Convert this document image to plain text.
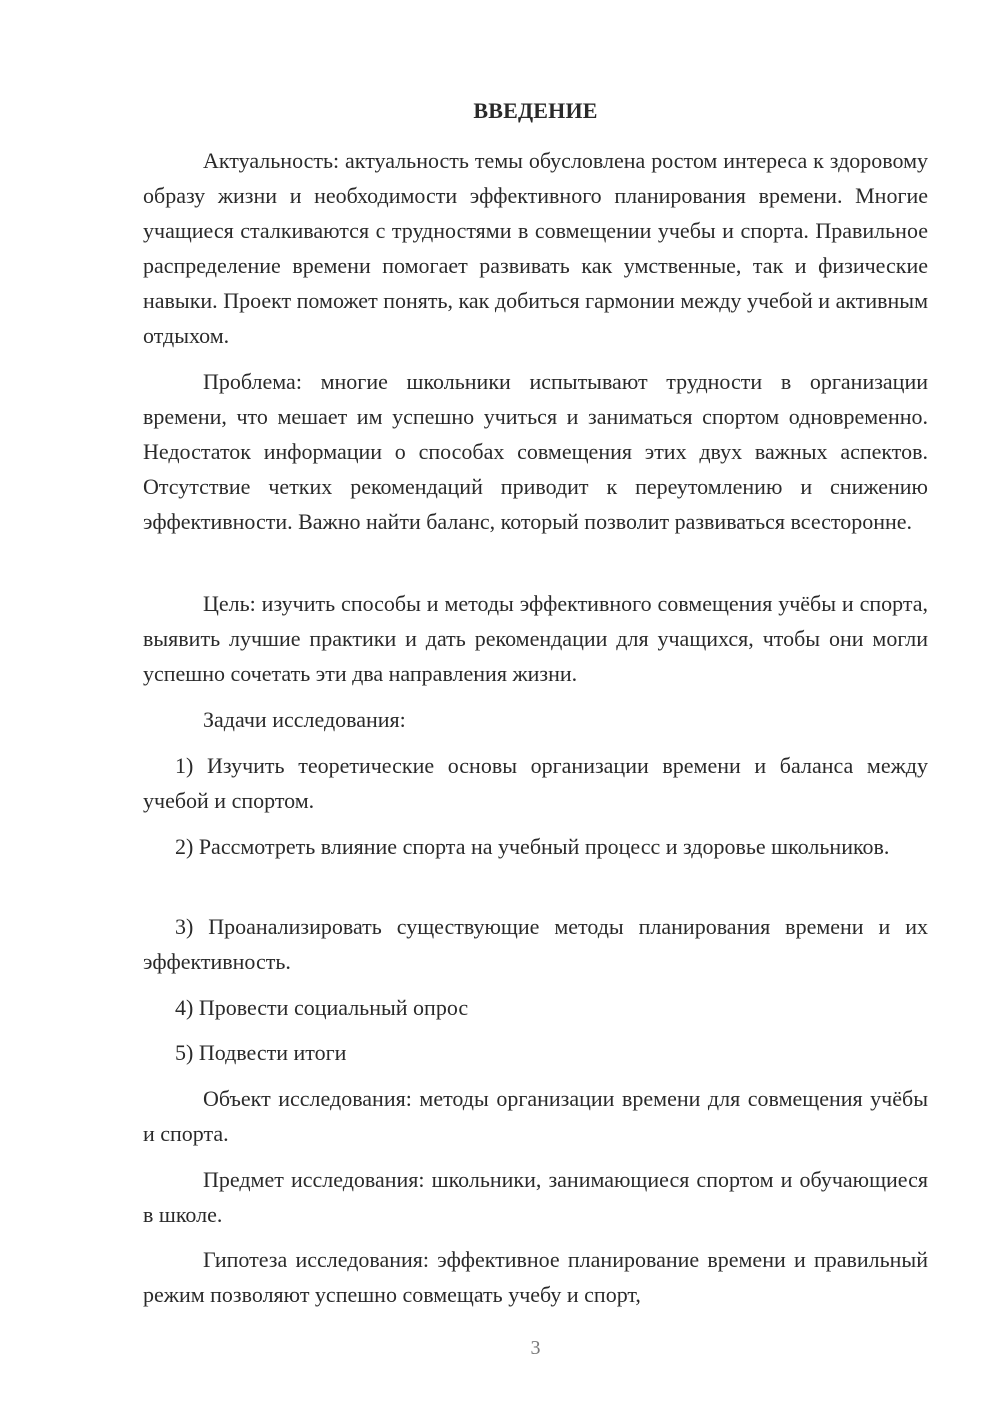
ВВЕДЕНИЕ

Актуальность: актуальность темы обусловлена ростом интереса к здоровому образу жизни и необходимости эффективного планирования времени. Многие учащиеся сталкиваются с трудностями в совмещении учебы и спорта. Правильное распределение времени помогает развивать как умственные, так и физические навыки. Проект поможет понять, как добиться гармонии между учебой и активным отдыхом.

Проблема: многие школьники испытывают трудности в организации времени, что мешает им успешно учиться и заниматься спортом одновременно. Недостаток информации о способах совмещения этих двух важных аспектов. Отсутствие четких рекомендаций приводит к переутомлению и снижению эффективности. Важно найти баланс, который позволит развиваться всесторонне.

Цель: изучить способы и методы эффективного совмещения учёбы и спорта, выявить лучшие практики и дать рекомендации для учащихся, чтобы они могли успешно сочетать эти два направления жизни.

Задачи исследования:

1) Изучить теоретические основы организации времени и баланса между учебой и спортом.

2) Рассмотреть влияние спорта на учебный процесс и здоровье школьников.

3) Проанализировать существующие методы планирования времени и их эффективность.

4) Провести социальный опрос

5) Подвести итоги

Объект исследования: методы организации времени для совмещения учёбы и спорта.

Предмет исследования: школьники, занимающиеся спортом и обучающиеся в школе.

Гипотеза исследования: эффективное планирование времени и правильный режим позволяют успешно совмещать учебу и спорт,

3
